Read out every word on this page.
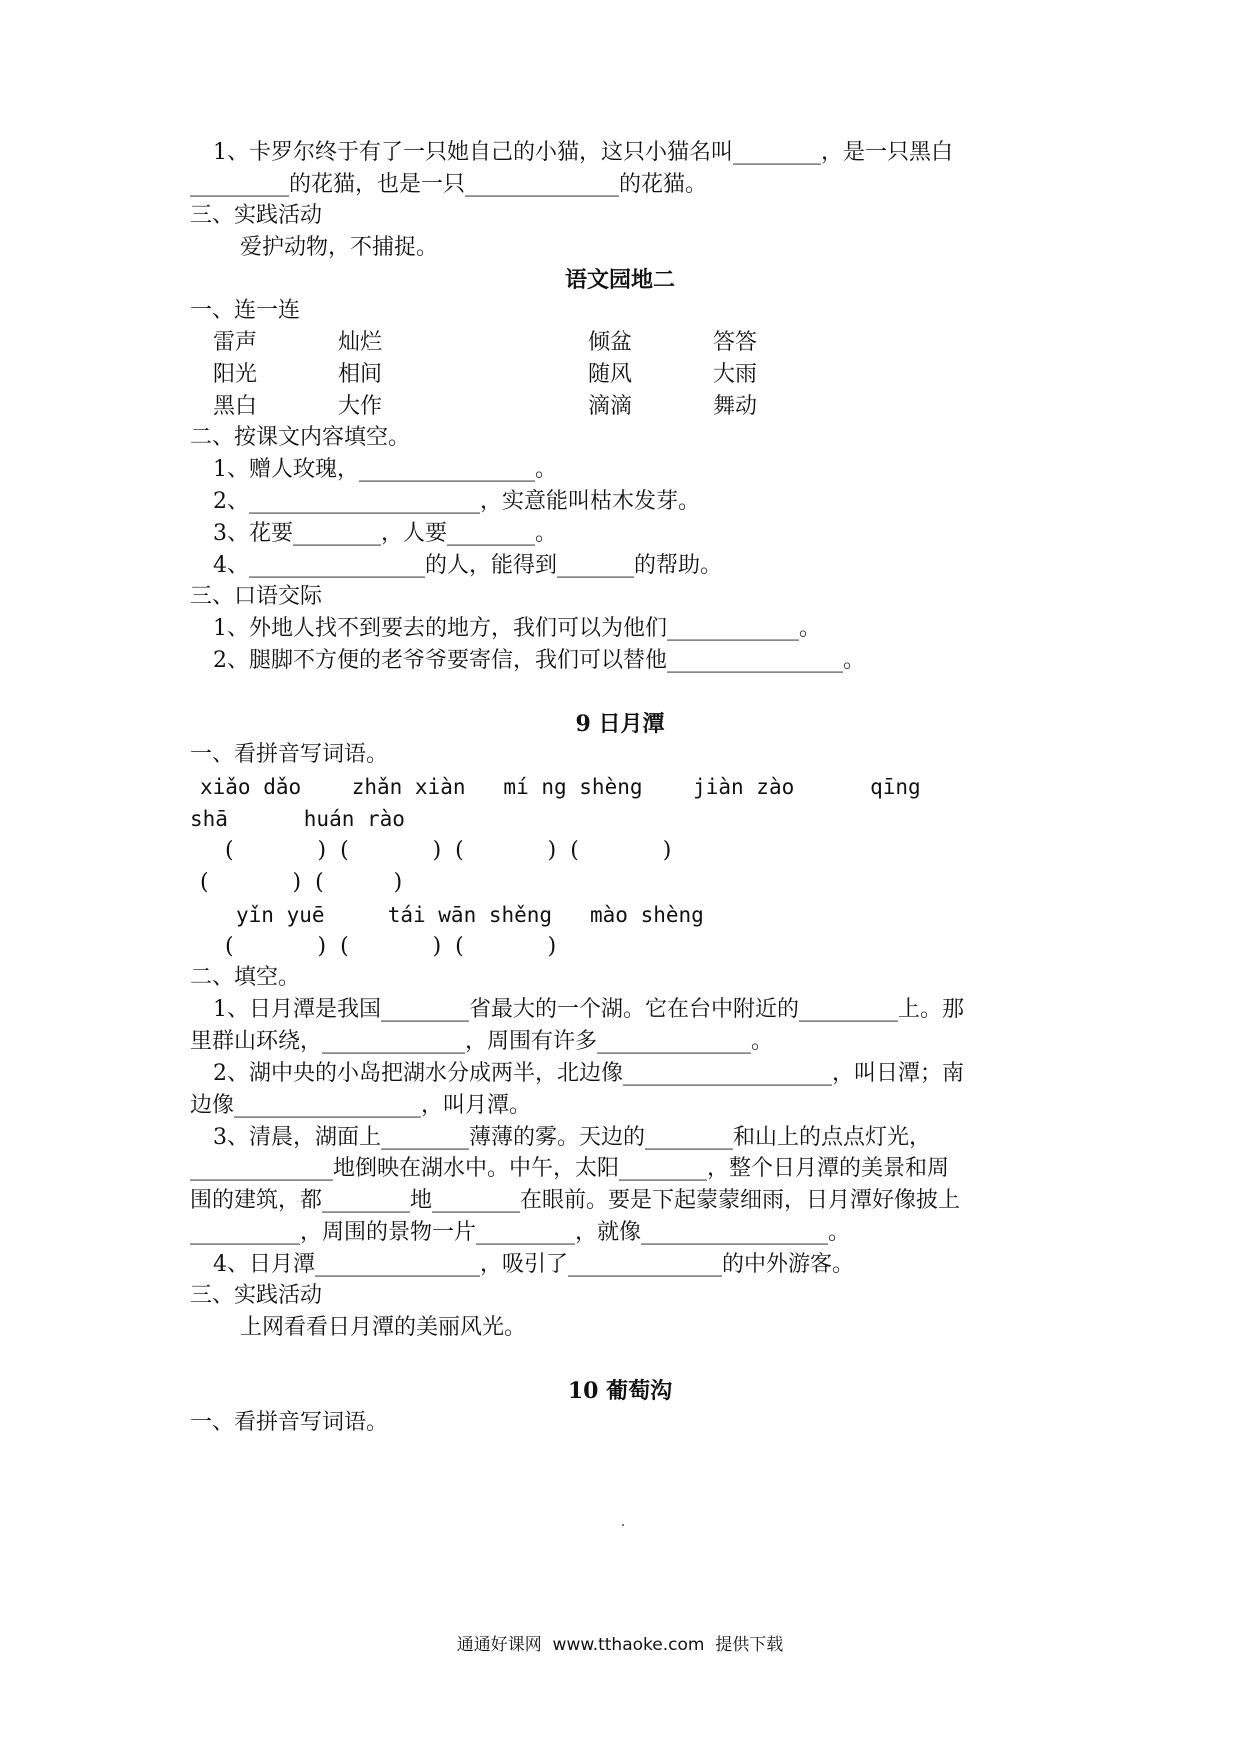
1、卡罗尔终于有了一只她自己的小猫，这只小猫名叫________，是一只黑白
_________的花猫，也是一只______________的花猫。
三、实践活动
爱护动物，不捕捉。
语文园地二
一、连一连
雷声	灿烂	倾盆	答答
阳光	相间	随风	大雨
黑白	大作	滴滴	舞动
二、按课文内容填空。
1、赠人玫瑰，________________。
2、_____________________，实意能叫枯木发芽。
3、花要________，人要________。
4、________________的人，能得到_______的帮助。
三、口语交际
1、外地人找不到要去的地方，我们可以为他们____________。
2、腿脚不方便的老爷爷要寄信，我们可以替他________________。
9 日月潭
一、看拼音写词语。
xiǎo dǎo    zhǎn xiàn   mí ng shèng    jiàn zào      qīng
shā      huán rào
(            )  (            )  (            )  (            )
(            )  (          )
yǐn yuē     tái wān shěng   mào shèng
(            )  (            )  (            )
二、填空。
1、日月潭是我国________省最大的一个湖。它在台中附近的_________上。那
里群山环绕，_____________，周围有许多______________。
2、湖中央的小岛把湖水分成两半，北边像___________________，叫日潭；南
边像_________________，叫月潭。
3、清晨，湖面上________薄薄的雾。天边的________和山上的点点灯光，
_____________地倒映在湖水中。中午，太阳________，整个日月潭的美景和周
围的建筑，都________地________在眼前。要是下起蒙蒙细雨，日月潭好像披上
__________，周围的景物一片_________，就像_________________。
4、日月潭_______________，吸引了______________的中外游客。
三、实践活动
上网看看日月潭的美丽风光。
10 葡萄沟
一、看拼音写词语。
通通好课网  www.tthaoke.com  提供下载
